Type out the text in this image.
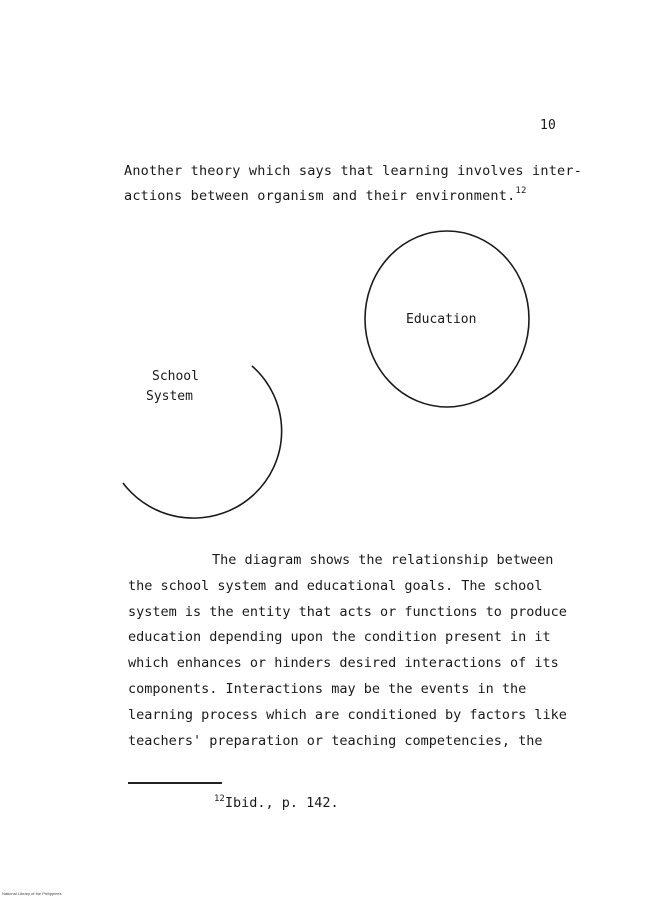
10
Another theory which says that learning involves inter-
actions between organism and their environment.$^{12}$
Education
School
System
The diagram shows the relationship between
the school system and educational goals. The school
system is the entity that acts or functions to produce
education depending upon the condition present in it
which enhances or hinders desired interactions of its
components. Interactions may be the events in the
learning process which are conditioned by factors like
teachers' preparation or teaching competencies, the
$^{12}$Ibid., p. 142.
National Library of the Philippines
